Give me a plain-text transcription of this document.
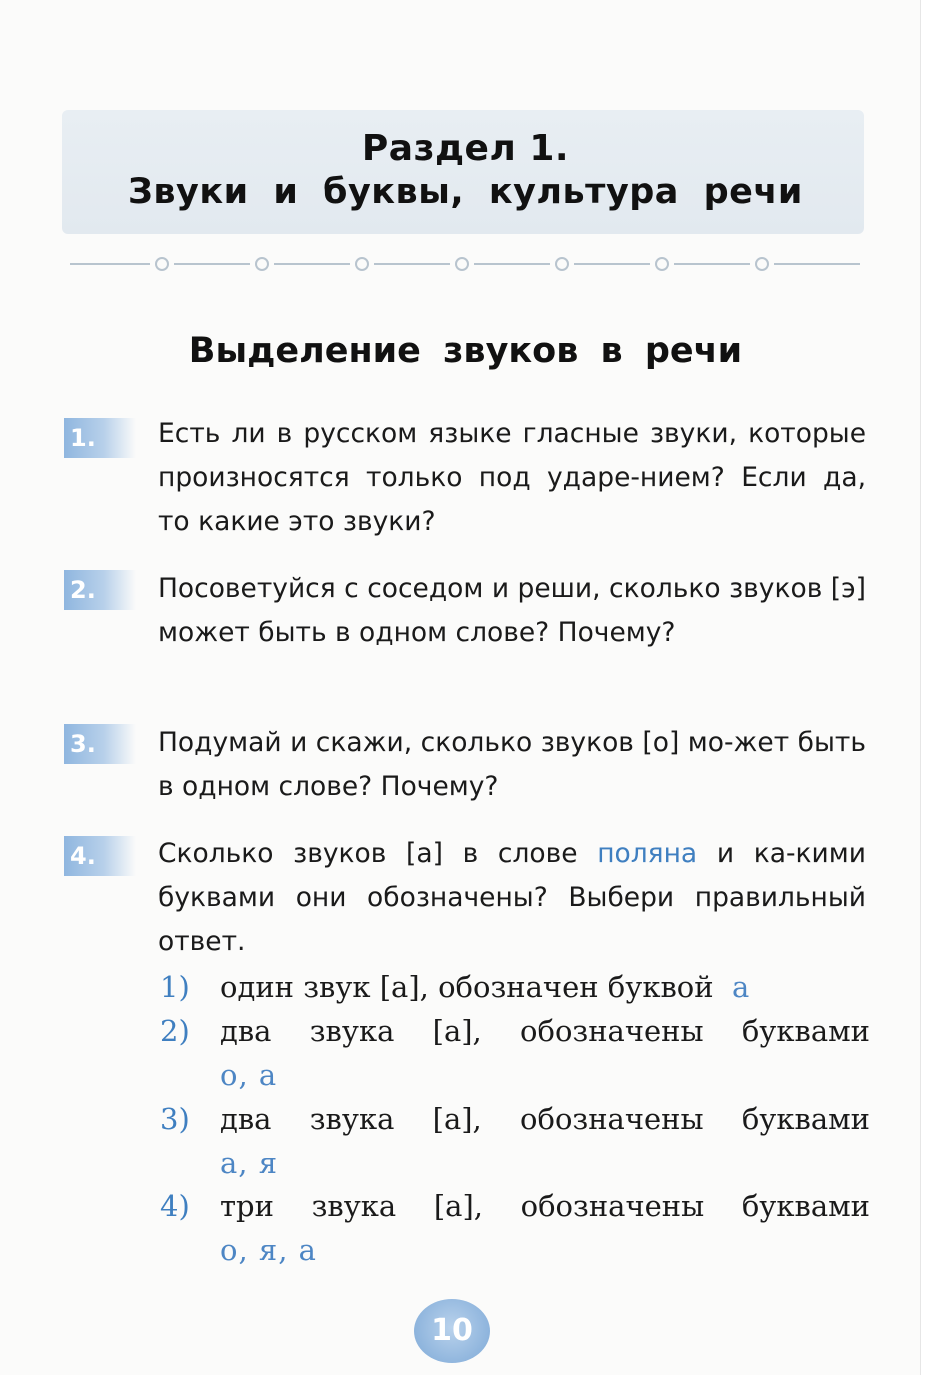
Раздел 1.
Звуки и буквы, культура речи
Выделение звуков в речи
1.	Есть ли в русском языке гласные звуки, которые произносятся только под ударе-нием? Если да, то какие это звуки?
2.	Посоветуйся с соседом и реши, сколько звуков [э] может быть в одном слове? Почему?
3.	Подумай и скажи, сколько звуков [о] мо-жет быть в одном слове? Почему?
4.	Сколько звуков [а] в слове поляна и ка-кими буквами они обозначены? Выбери правильный ответ.
1) один звук [а], обозначен буквой а
2) два звука [а], обозначены буквами
о, а
3) два звука [а], обозначены буквами
а, я
4) три звука [а], обозначены буквами
о, я, а
10
